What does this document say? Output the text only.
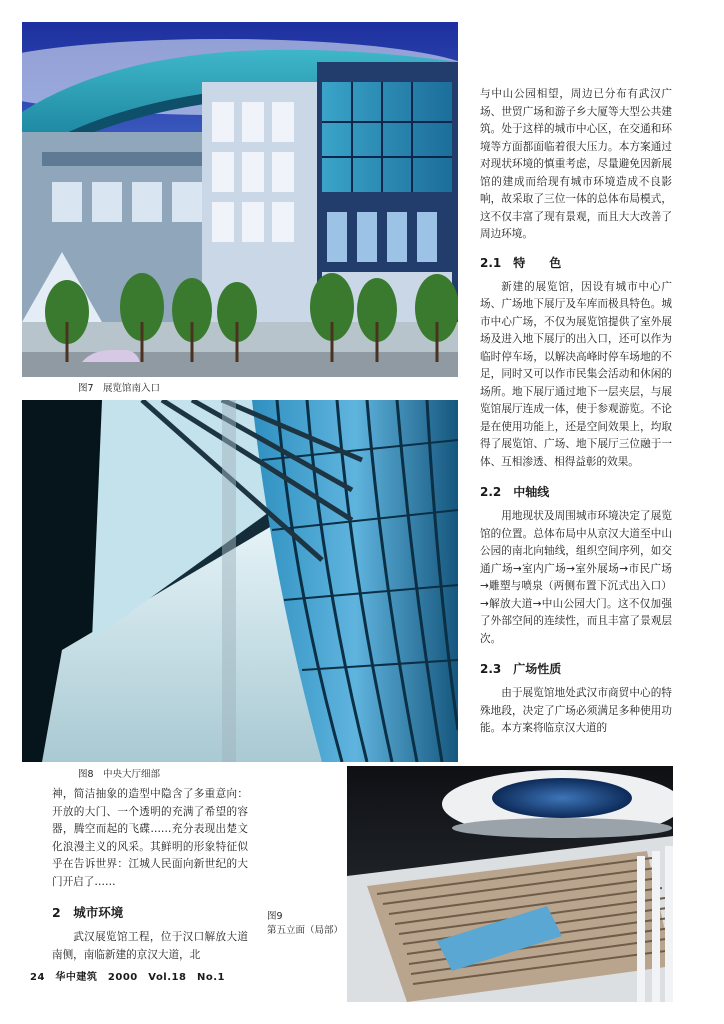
图7　展览馆南入口
图8　中央大厅细部
图9
第五立面（局部）

与中山公园相望，周边已分布有武汉广场、世贸广场和游子乡大厦等大型公共建筑。处于这样的城市中心区，在交通和环境等方面都面临着很大压力。本方案通过对现状环境的慎重考虑，尽量避免因新展馆的建成而给现有城市环境造成不良影响，故采取了三位一体的总体布局模式，这不仅丰富了现有景观，而且大大改善了周边环境。

2.1　特　　色

新建的展览馆，因设有城市中心广场、广场地下展厅及车库而极具特色。城市中心广场，不仅为展览馆提供了室外展场及进入地下展厅的出入口，还可以作为临时停车场，以解决高峰时停车场地的不足，同时又可以作市民集会活动和休闲的场所。地下展厅通过地下一层夹层，与展览馆展厅连成一体，使于参观游览。不论是在使用功能上，还是空间效果上，均取得了展览馆、广场、地下展厅三位融于一体、互相渗透、相得益彰的效果。

2.2　中轴线

用地现状及周围城市环境决定了展览馆的位置。总体布局中从京汉大道至中山公园的南北向轴线，组织空间序列，如交通广场→室内广场→室外展场→市民广场→雕塑与喷泉（两侧布置下沉式出入口）→解放大道→中山公园大门。这不仅加强了外部空间的连续性，而且丰富了景观层次。

2.3　广场性质

由于展览馆地处武汉市商贸中心的特殊地段，决定了广场必须满足多种使用功能。本方案将临京汉大道的

神，简洁抽象的造型中隐含了多重意向：开放的大门、一个透明的充满了希望的容器，腾空而起的飞碟……充分表现出楚文化浪漫主义的风采。其鲜明的形象特征似乎在告诉世界：江城人民面向新世纪的大门开启了……

2　城市环境

武汉展览馆工程，位于汉口解放大道南侧，南临新建的京汉大道，北

24　华中建筑　2000　Vol.18　No.1
